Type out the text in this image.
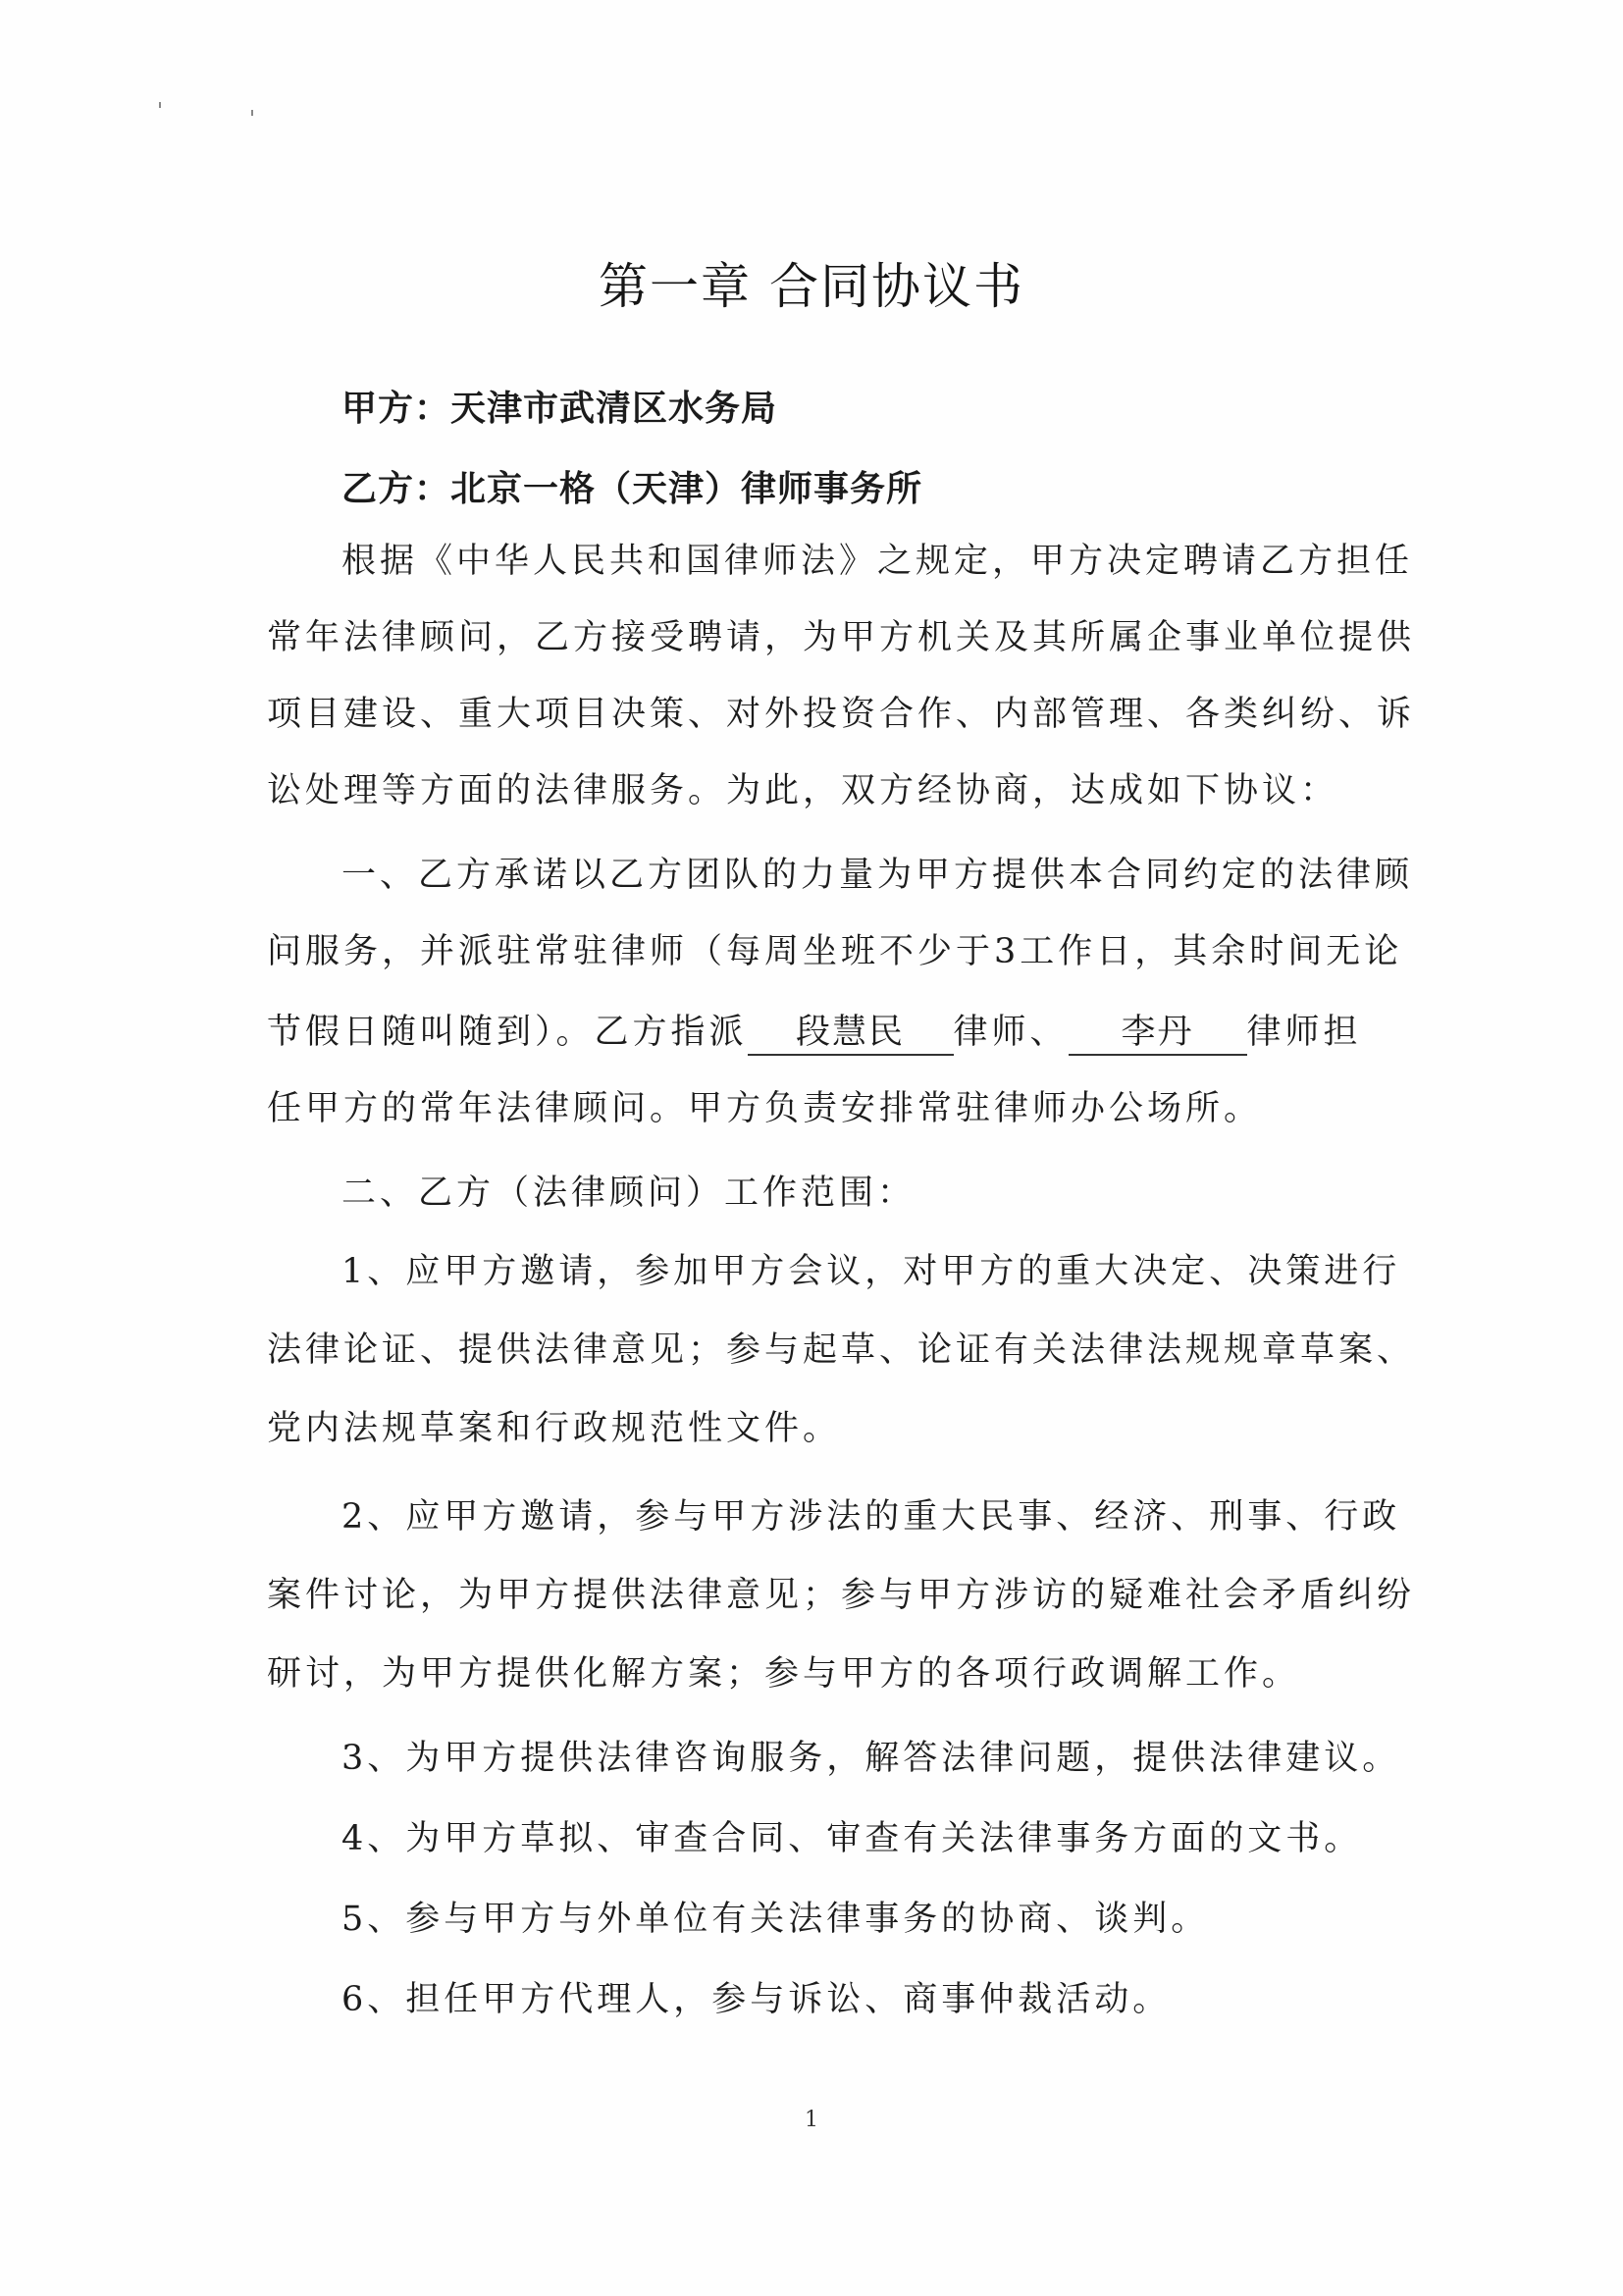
第一章 合同协议书
甲方：天津市武清区水务局
乙方：北京一格（天津）律师事务所
根据《中华人民共和国律师法》之规定，甲方决定聘请乙方担任
常年法律顾问，乙方接受聘请，为甲方机关及其所属企事业单位提供
项目建设、重大项目决策、对外投资合作、内部管理、各类纠纷、诉
讼处理等方面的法律服务。为此，双方经协商，达成如下协议：
一、乙方承诺以乙方团队的力量为甲方提供本合同约定的法律顾
问服务，并派驻常驻律师（每周坐班不少于3工作日，其余时间无论
节假日随叫随到）。乙方指派 段慧民 律师、 李丹 律师担
任甲方的常年法律顾问。甲方负责安排常驻律师办公场所。
二、乙方（法律顾问）工作范围：
1、应甲方邀请，参加甲方会议，对甲方的重大决定、决策进行
法律论证、提供法律意见；参与起草、论证有关法律法规规章草案、
党内法规草案和行政规范性文件。
2、应甲方邀请，参与甲方涉法的重大民事、经济、刑事、行政
案件讨论，为甲方提供法律意见；参与甲方涉访的疑难社会矛盾纠纷
研讨，为甲方提供化解方案；参与甲方的各项行政调解工作。
3、为甲方提供法律咨询服务，解答法律问题，提供法律建议。
4、为甲方草拟、审查合同、审查有关法律事务方面的文书。
5、参与甲方与外单位有关法律事务的协商、谈判。
6、担任甲方代理人，参与诉讼、商事仲裁活动。
1
